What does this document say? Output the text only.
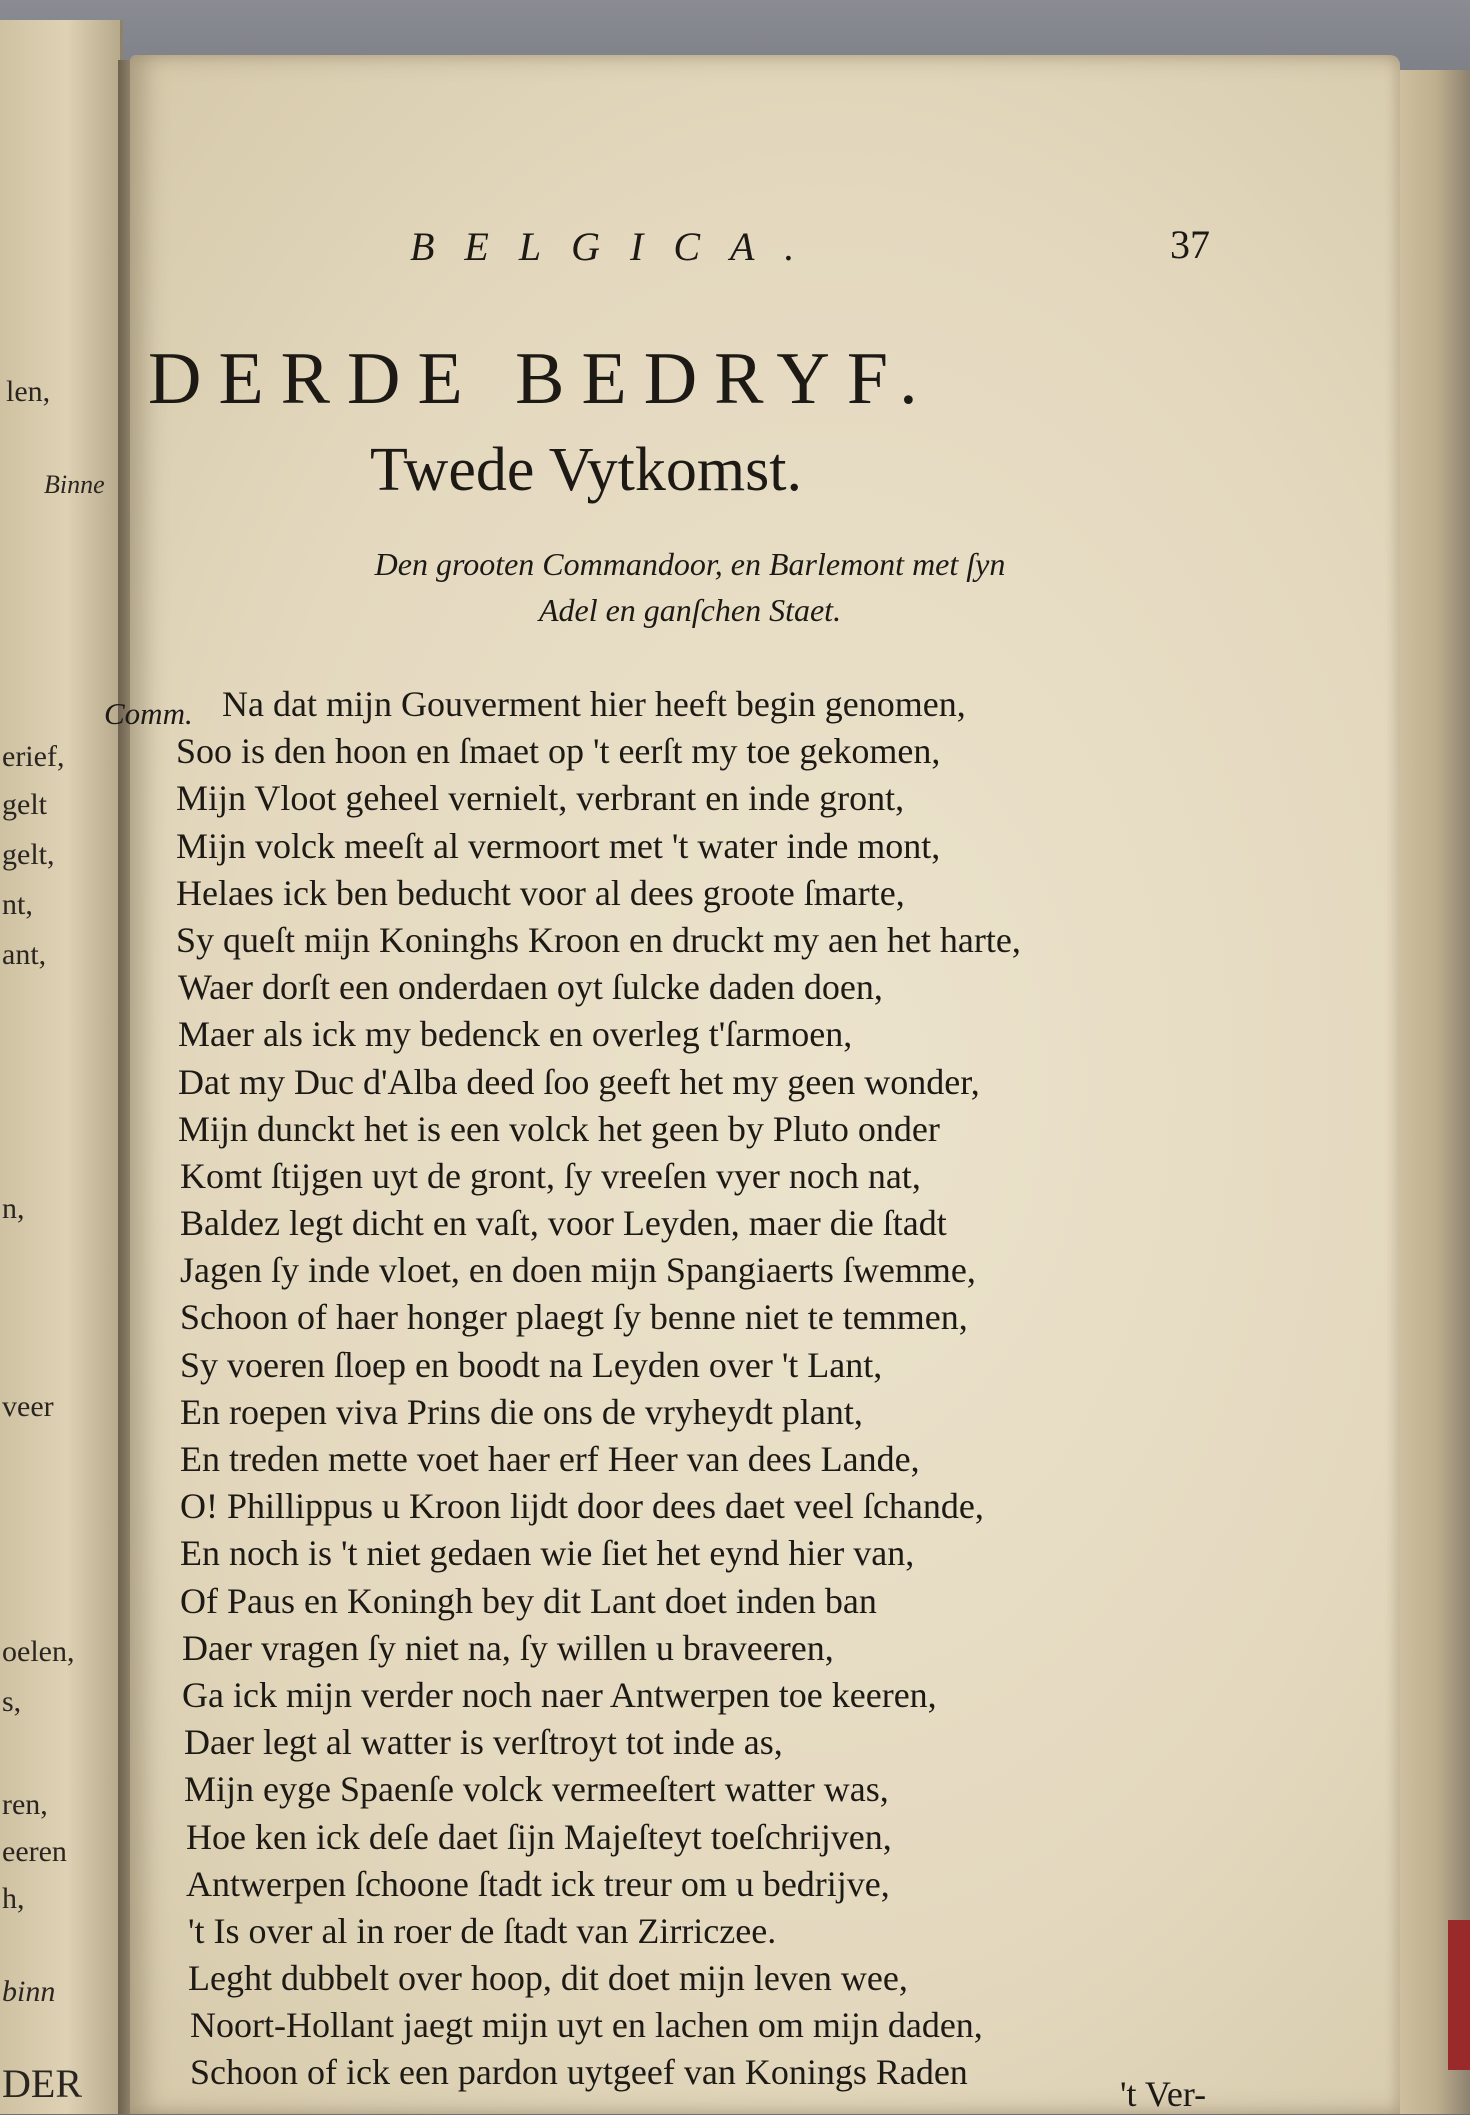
len,
Binne
erief,
gelt
gelt,
nt,
ant,
n,
veer
oelen,
s,
ren,
eeren
h,
binn
DER
BELGICA.	37
DERDE BEDRYF.
Twede Vytkomst.
Den grooten Commandoor, en Barlemont met ſyn
Adel en ganſchen Staet.
Comm. Na dat mijn Gouverment hier heeft begin genomen,
Soo is den hoon en ſmaet op 't eerſt my toe gekomen,
Mijn Vloot geheel vernielt, verbrant en inde gront,
Mijn volck meeſt al vermoort met 't water inde mont,
Helaes ick ben beducht voor al dees groote ſmarte,
Sy queſt mijn Koninghs Kroon en druckt my aen het harte,
Waer dorſt een onderdaen oyt ſulcke daden doen,
Maer als ick my bedenck en overleg t'ſarmoen,
Dat my Duc d'Alba deed ſoo geeft het my geen wonder,
Mijn dunckt het is een volck het geen by Pluto onder
Komt ſtijgen uyt de gront, ſy vreeſen vyer noch nat,
Baldez legt dicht en vaſt, voor Leyden, maer die ſtadt
Jagen ſy inde vloet, en doen mijn Spangiaerts ſwemme,
Schoon of haer honger plaegt ſy benne niet te temmen,
Sy voeren ſloep en boodt na Leyden over 't Lant,
En roepen viva Prins die ons de vryheydt plant,
En treden mette voet haer erf Heer van dees Lande,
O! Phillippus u Kroon lijdt door dees daet veel ſchande,
En noch is 't niet gedaen wie ſiet het eynd hier van,
Of Paus en Koningh bey dit Lant doet inden ban
Daer vragen ſy niet na, ſy willen u braveeren,
Ga ick mijn verder noch naer Antwerpen toe keeren,
Daer legt al watter is verſtroyt tot inde as,
Mijn eyge Spaenſe volck vermeeſtert watter was,
Hoe ken ick deſe daet ſijn Majeſteyt toeſchrijven,
Antwerpen ſchoone ſtadt ick treur om u bedrijve,
't Is over al in roer de ſtadt van Zirriczee.
Leght dubbelt over hoop, dit doet mijn leven wee,
Noort-Hollant jaegt mijn uyt en lachen om mijn daden,
Schoon of ick een pardon uytgeef van Konings Raden
't Ver-
